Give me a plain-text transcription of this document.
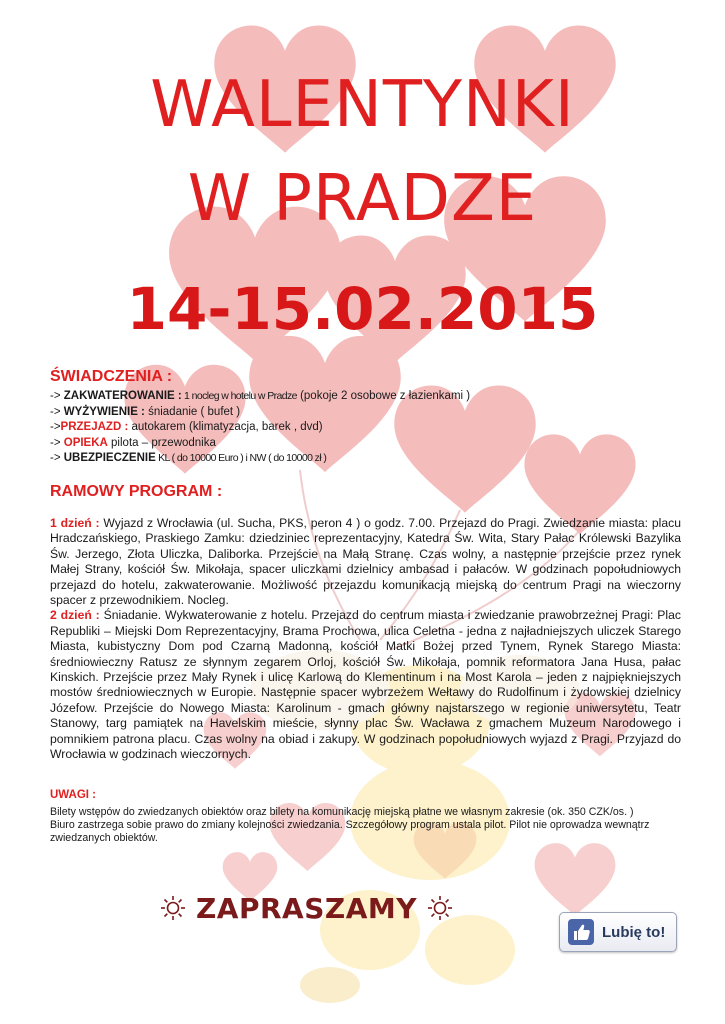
WALENTYNKI
W PRADZE
14-15.02.2015
ŚWIADCZENIA :
-> ZAKWATEROWANIE : 1 nocleg w hotelu w Pradze (pokoje 2 osobowe z łazienkami )
-> WYŻYWIENIE : śniadanie ( bufet )
->PRZEJAZD : autokarem (klimatyzacja, barek , dvd)
-> OPIEKA pilota – przewodnika
-> UBEZPIECZENIE KL ( do 10000 Euro ) i NW ( do 10000 zł )
RAMOWY PROGRAM :

1 dzień : Wyjazd z Wrocławia (ul. Sucha, PKS, peron 4 ) o godz. 7.00. Przejazd do Pragi. Zwiedzanie miasta: placu Hradczańskiego, Praskiego Zamku: dziedziniec reprezentacyjny, Katedra Św. Wita, Stary Pałac Królewski Bazylika Św. Jerzego, Złota Uliczka, Daliborka. Przejście na Małą Stranę. Czas wolny, a następnie przejście przez rynek Małej Strany, kościół Św. Mikołaja, spacer uliczkami dzielnicy ambasad i pałaców. W godzinach popołudniowych przejazd do hotelu, zakwaterowanie. Możliwość przejazdu komunikacją miejską do centrum Pragi na wieczorny spacer z przewodnikiem. Nocleg.

2 dzień : Śniadanie. Wykwaterowanie z hotelu. Przejazd do centrum miasta i zwiedzanie prawobrzeżnej Pragi: Plac Republiki – Miejski Dom Reprezentacyjny, Brama Prochowa, ulica Celetna - jedna z najładniejszych uliczek Starego Miasta, kubistyczny Dom pod Czarną Madonną, kościół Matki Bożej przed Tynem, Rynek Starego Miasta: średniowieczny Ratusz ze słynnym zegarem Orloj, kościół Św. Mikołaja, pomnik reformatora Jana Husa, pałac Kinskich. Przejście przez Mały Rynek i ulicę Karlową do Klementinum i na Most Karola – jeden z najpiękniejszych mostów średniowiecznych w Europie. Następnie spacer wybrzeżem Wełtawy do Rudolfinum i żydowskiej dzielnicy Józefow. Przejście do Nowego Miasta: Karolinum - gmach główny najstarszego w regionie uniwersytetu, Teatr Stanowy, targ pamiątek na Havelskim mieście, słynny plac Św. Wacława z gmachem Muzeum Narodowego i pomnikiem patrona placu. Czas wolny na obiad i zakupy. W godzinach popołudniowych wyjazd z Pragi. Przyjazd do Wrocławia w godzinach wieczornych.

UWAGI :

Bilety wstępów do zwiedzanych obiektów oraz bilety na komunikację miejską płatne we własnym zakresie (ok. 350 CZK/os. )

Biuro zastrzega sobie prawo do zmiany kolejności zwiedzania. Szczegółowy program ustala pilot. Pilot nie oprowadza wewnątrz zwiedzanych obiektów.

ZAPRASZAMY
Lubię to!
